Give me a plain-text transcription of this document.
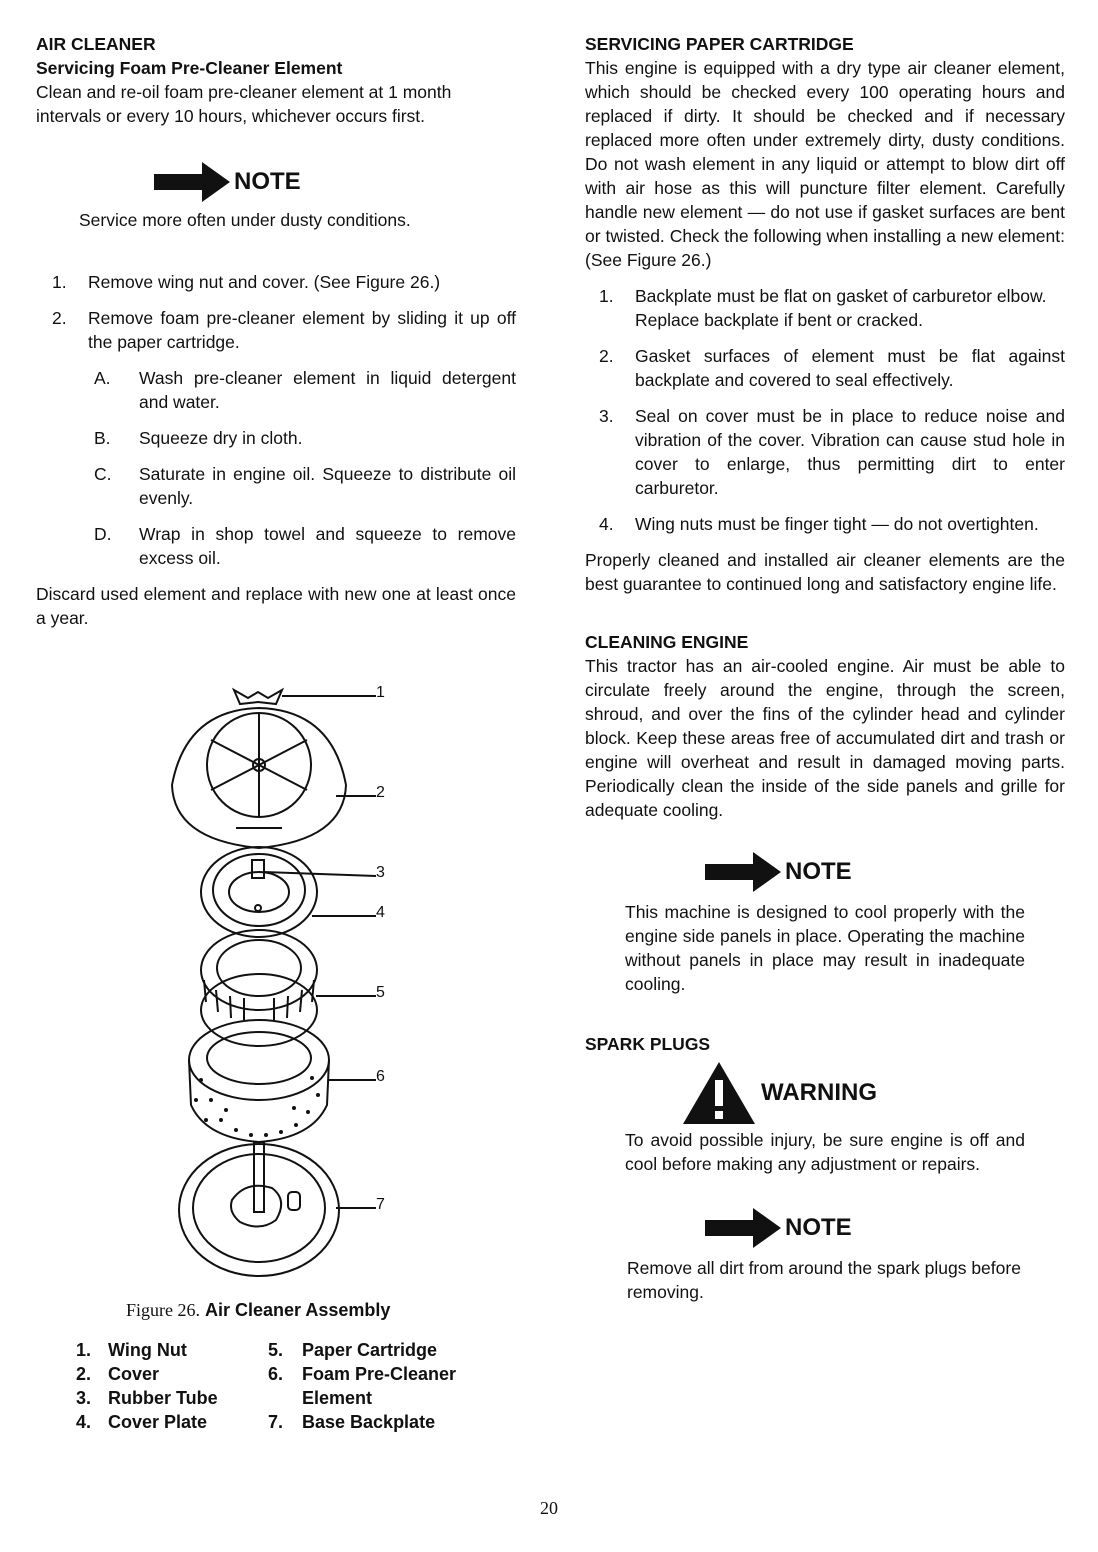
AIR CLEANER

Servicing Foam Pre-Cleaner Element

Clean and re-oil foam pre-cleaner element at 1 month intervals or every 10 hours, whichever occurs first.

NOTE

Service more often under dusty conditions.

1.	Remove wing nut and cover. (See Figure 26.)
2.	Remove foam pre-cleaner element by sliding it up off the paper cartridge.
A.	Wash pre-cleaner element in liquid detergent and water.
B.	Squeeze dry in cloth.
C.	Saturate in engine oil. Squeeze to distribute oil evenly.
D.	Wrap in shop towel and squeeze to remove excess oil.

Discard used element and replace with new one at least once a year.

1
2
3
4
5
6
7

Figure 26. Air Cleaner Assembly

1. Wing Nut	5.	Paper Cartridge
2. Cover	6.	Foam Pre-Cleaner
3. Rubber Tube	Element
4. Cover Plate	7.	Base Backplate

SERVICING PAPER CARTRIDGE

This engine is equipped with a dry type air cleaner element, which should be checked every 100 operating hours and replaced if dirty. It should be checked and if necessary replaced more often under extremely dirty, dusty conditions. Do not wash element in any liquid or attempt to blow dirt off with air hose as this will puncture filter element. Carefully handle new element — do not use if gasket surfaces are bent or twisted. Check the following when installing a new element: (See Figure 26.)

1.	Backplate must be flat on gasket of carburetor elbow. Replace backplate if bent or cracked.
2.	Gasket surfaces of element must be flat against backplate and covered to seal effectively.
3.	Seal on cover must be in place to reduce noise and vibration of the cover. Vibration can cause stud hole in cover to enlarge, thus permitting dirt to enter carburetor.
4.	Wing nuts must be finger tight — do not overtighten.

Properly cleaned and installed air cleaner elements are the best guarantee to continued long and satisfactory engine life.

CLEANING ENGINE

This tractor has an air-cooled engine. Air must be able to circulate freely around the engine, through the screen, shroud, and over the fins of the cylinder head and cylinder block. Keep these areas free of accumulated dirt and trash or engine will overheat and result in damaged moving parts. Periodically clean the inside of the side panels and grille for adequate cooling.

NOTE

This machine is designed to cool properly with the engine side panels in place. Operating the machine without panels in place may result in inadequate cooling.

SPARK PLUGS

WARNING

To avoid possible injury, be sure engine is off and cool before making any adjustment or repairs.

NOTE

Remove all dirt from around the spark plugs before removing.

20
